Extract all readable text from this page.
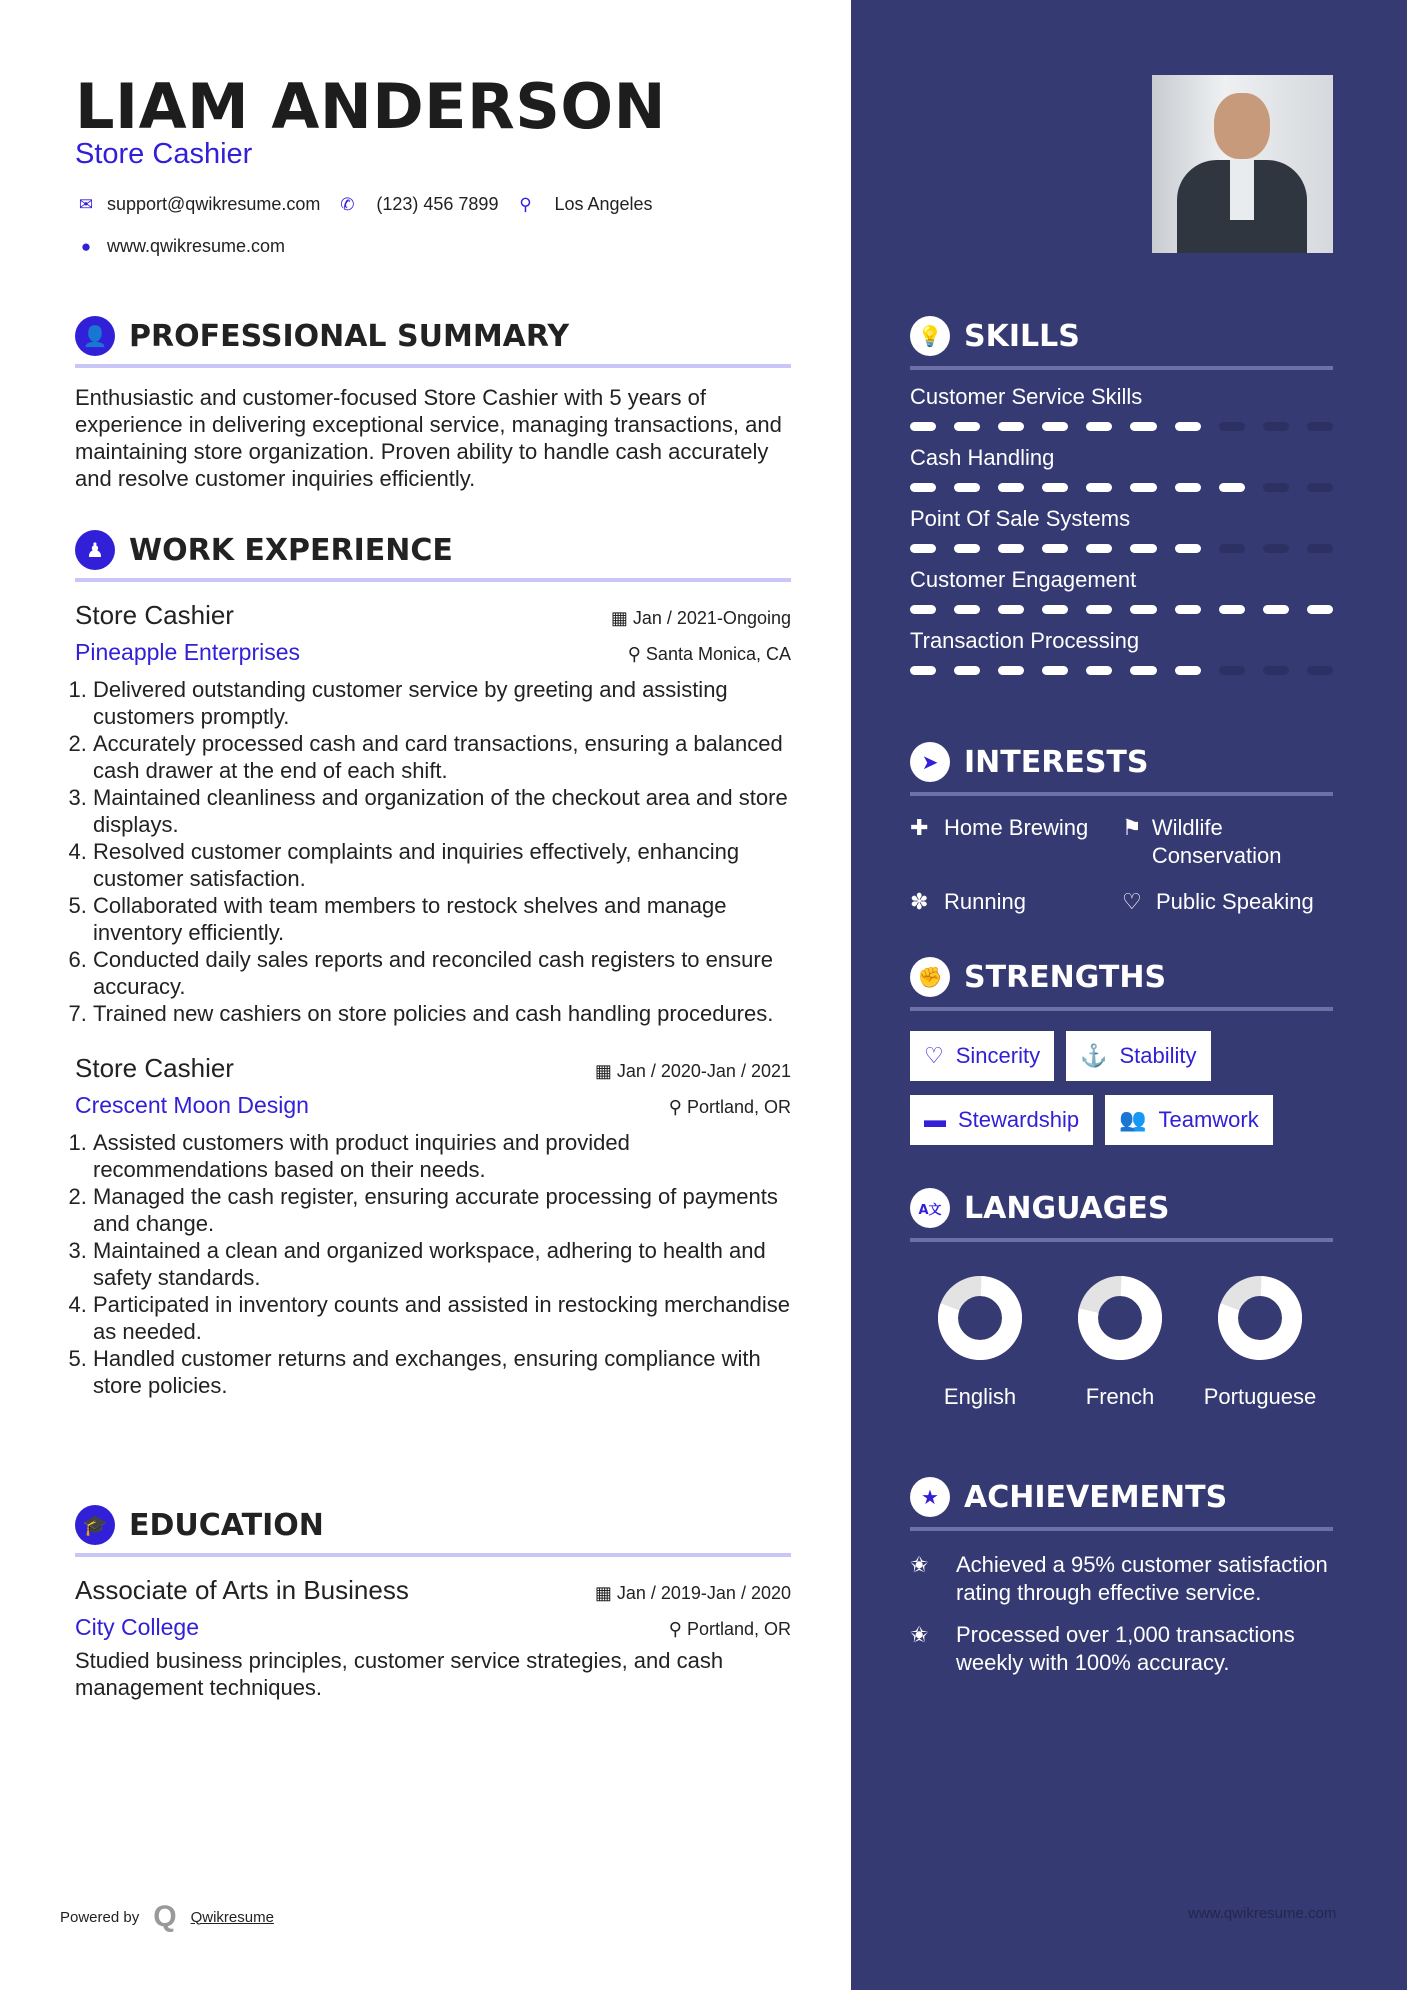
LIAM ANDERSON
Store Cashier
✉ support@qwikresume.com ✆ (123) 456 7899 ⚲ Los Angeles
● www.qwikresume.com
👤 PROFESSIONAL SUMMARY
Enthusiastic and customer-focused Store Cashier with 5 years of experience in delivering exceptional service, managing transactions, and maintaining store organization. Proven ability to handle cash accurately and resolve customer inquiries efficiently.
♟ WORK EXPERIENCE
Store Cashier	▦ Jan / 2021-Ongoing
Pineapple Enterprises	⚲ Santa Monica, CA
1. Delivered outstanding customer service by greeting and assisting customers promptly.
2. Accurately processed cash and card transactions, ensuring a balanced cash drawer at the end of each shift.
3. Maintained cleanliness and organization of the checkout area and store displays.
4. Resolved customer complaints and inquiries effectively, enhancing customer satisfaction.
5. Collaborated with team members to restock shelves and manage inventory efficiently.
6. Conducted daily sales reports and reconciled cash registers to ensure accuracy.
7. Trained new cashiers on store policies and cash handling procedures.
Store Cashier	▦ Jan / 2020-Jan / 2021
Crescent Moon Design	⚲ Portland, OR
1. Assisted customers with product inquiries and provided recommendations based on their needs.
2. Managed the cash register, ensuring accurate processing of payments and change.
3. Maintained a clean and organized workspace, adhering to health and safety standards.
4. Participated in inventory counts and assisted in restocking merchandise as needed.
5. Handled customer returns and exchanges, ensuring compliance with store policies.
🎓 EDUCATION
Associate of Arts in Business	▦ Jan / 2019-Jan / 2020
City College	⚲ Portland, OR
Studied business principles, customer service strategies, and cash management techniques.
Powered by Q Qwikresume	www.qwikresume.com
💡 SKILLS
Customer Service Skills
Cash Handling
Point Of Sale Systems
Customer Engagement
Transaction Processing
➤ INTERESTS
✚ Home Brewing ⚑ Wildlife Conservation
✽ Running	♡ Public Speaking
✊ STRENGTHS
♡ Sincerity ⚓ Stability
▬ Stewardship 👥 Teamwork
A文 LANGUAGES
English	French	Portuguese
★ ACHIEVEMENTS
✬	Achieved a 95% customer satisfaction rating through effective service.
✬	Processed over 1,000 transactions weekly with 100% accuracy.
